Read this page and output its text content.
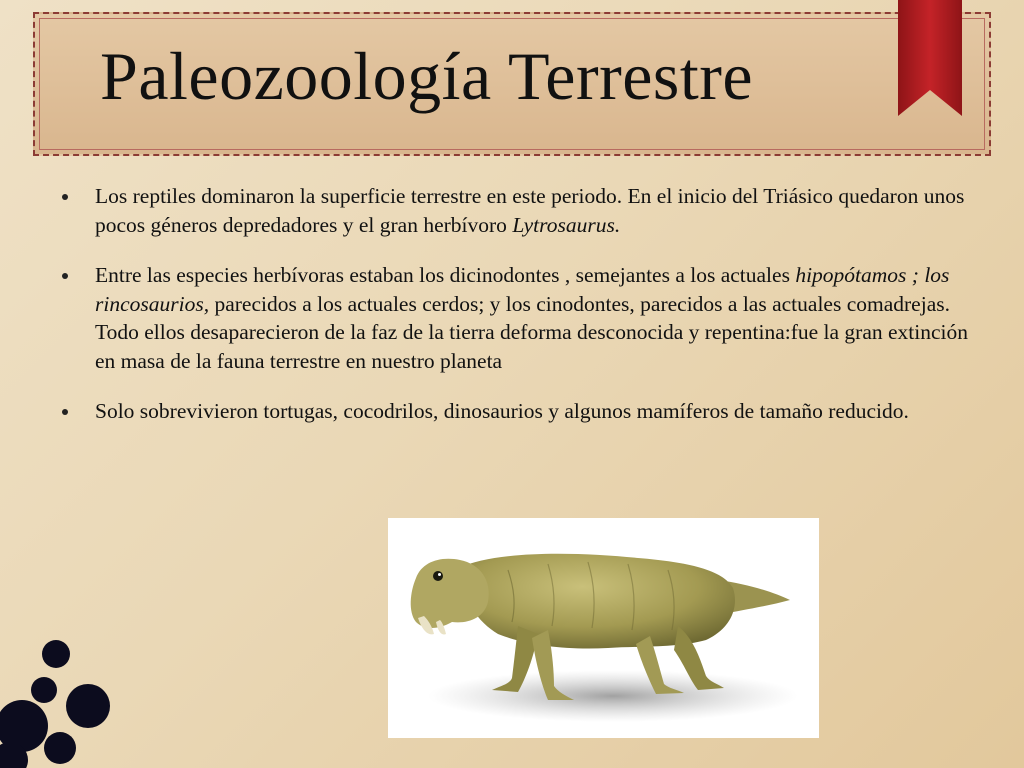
Paleozoología Terrestre
Los reptiles dominaron la superficie terrestre en este periodo. En el inicio del Triásico quedaron unos pocos géneros depredadores y el gran herbívoro Lytrosaurus.
Entre las especies herbívoras estaban los dicinodontes , semejantes a los actuales hipopótamos ; los rincosaurios, parecidos a los actuales cerdos; y los cinodontes, parecidos a las actuales comadrejas. Todo ellos desaparecieron de la faz de la tierra deforma desconocida y repentina:fue la gran extinción en masa de la fauna terrestre en nuestro planeta
Solo sobrevivieron tortugas, cocodrilos, dinosaurios y algunos mamíferos de tamaño reducido.
